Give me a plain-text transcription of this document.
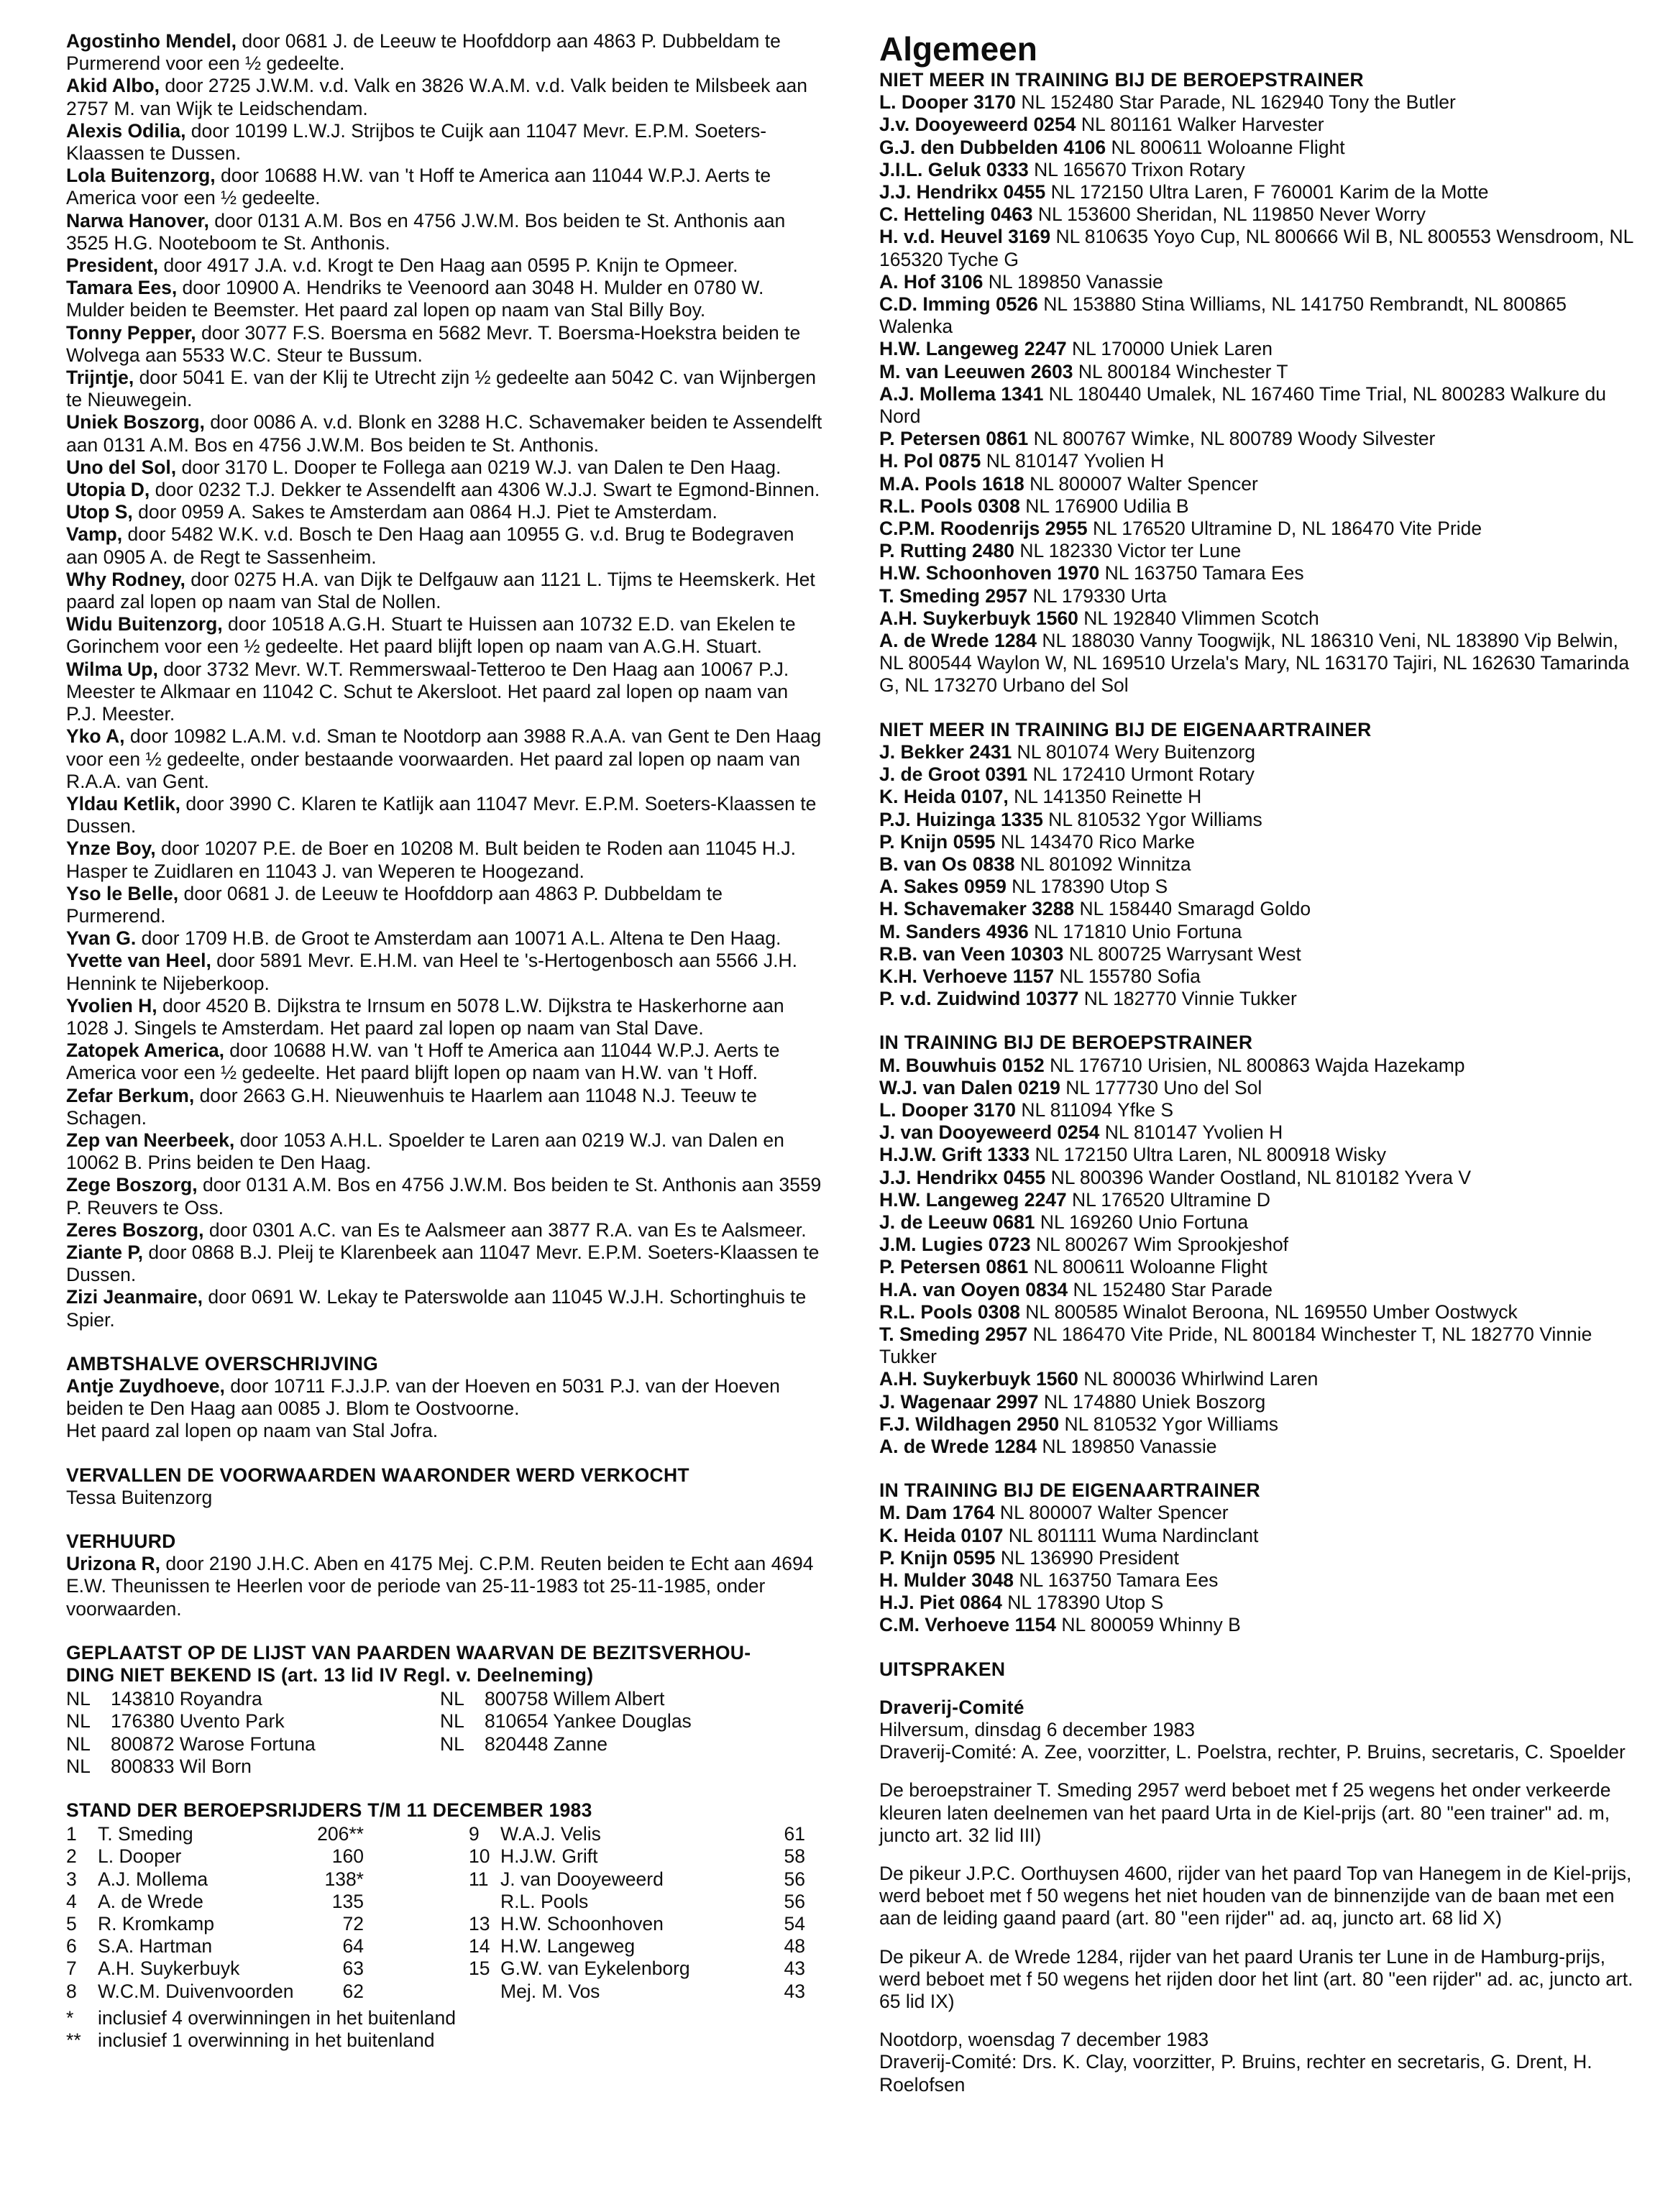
Agostinho Mendel, door 0681 J. de Leeuw te Hoofddorp aan 4863 P. Dubbeldam te Purmerend voor een ½ gedeelte.

Akid Albo, door 2725 J.W.M. v.d. Valk en 3826 W.A.M. v.d. Valk beiden te Milsbeek aan 2757 M. van Wijk te Leidschendam.

Alexis Odilia, door 10199 L.W.J. Strijbos te Cuijk aan 11047 Mevr. E.P.M. Soeters-Klaassen te Dussen.

Lola Buitenzorg, door 10688 H.W. van 't Hoff te America aan 11044 W.P.J. Aerts te America voor een ½ gedeelte.

Narwa Hanover, door 0131 A.M. Bos en 4756 J.W.M. Bos beiden te St. Anthonis aan 3525 H.G. Nooteboom te St. Anthonis.

President, door 4917 J.A. v.d. Krogt te Den Haag aan 0595 P. Knijn te Opmeer.

Tamara Ees, door 10900 A. Hendriks te Veenoord aan 3048 H. Mulder en 0780 W. Mulder beiden te Beemster. Het paard zal lopen op naam van Stal Billy Boy.

Tonny Pepper, door 3077 F.S. Boersma en 5682 Mevr. T. Boersma-Hoekstra beiden te Wolvega aan 5533 W.C. Steur te Bussum.

Trijntje, door 5041 E. van der Klij te Utrecht zijn ½ gedeelte aan 5042 C. van Wijnbergen te Nieuwegein.

Uniek Boszorg, door 0086 A. v.d. Blonk en 3288 H.C. Schavemaker beiden te Assendelft aan 0131 A.M. Bos en 4756 J.W.M. Bos beiden te St. Anthonis.

Uno del Sol, door 3170 L. Dooper te Follega aan 0219 W.J. van Dalen te Den Haag.

Utopia D, door 0232 T.J. Dekker te Assendelft aan 4306 W.J.J. Swart te Egmond-Binnen.

Utop S, door 0959 A. Sakes te Amsterdam aan 0864 H.J. Piet te Amsterdam.

Vamp, door 5482 W.K. v.d. Bosch te Den Haag aan 10955 G. v.d. Brug te Bodegraven aan 0905 A. de Regt te Sassenheim.

Why Rodney, door 0275 H.A. van Dijk te Delfgauw aan 1121 L. Tijms te Heemskerk. Het paard zal lopen op naam van Stal de Nollen.

Widu Buitenzorg, door 10518 A.G.H. Stuart te Huissen aan 10732 E.D. van Ekelen te Gorinchem voor een ½ gedeelte. Het paard blijft lopen op naam van A.G.H. Stuart.

Wilma Up, door 3732 Mevr. W.T. Remmerswaal-Tetteroo te Den Haag aan 10067 P.J. Meester te Alkmaar en 11042 C. Schut te Akersloot. Het paard zal lopen op naam van P.J. Meester.

Yko A, door 10982 L.A.M. v.d. Sman te Nootdorp aan 3988 R.A.A. van Gent te Den Haag voor een ½ gedeelte, onder bestaande voorwaarden. Het paard zal lopen op naam van R.A.A. van Gent.

Yldau Ketlik, door 3990 C. Klaren te Katlijk aan 11047 Mevr. E.P.M. Soeters-Klaassen te Dussen.

Ynze Boy, door 10207 P.E. de Boer en 10208 M. Bult beiden te Roden aan 11045 H.J. Hasper te Zuidlaren en 11043 J. van Weperen te Hoogezand.

Yso le Belle, door 0681 J. de Leeuw te Hoofddorp aan 4863 P. Dubbeldam te Purmerend.

Yvan G. door 1709 H.B. de Groot te Amsterdam aan 10071 A.L. Altena te Den Haag.

Yvette van Heel, door 5891 Mevr. E.H.M. van Heel te 's-Hertogenbosch aan 5566 J.H. Hennink te Nijeberkoop.

Yvolien H, door 4520 B. Dijkstra te Irnsum en 5078 L.W. Dijkstra te Haskerhorne aan 1028 J. Singels te Amsterdam. Het paard zal lopen op naam van Stal Dave.

Zatopek America, door 10688 H.W. van 't Hoff te America aan 11044 W.P.J. Aerts te America voor een ½ gedeelte. Het paard blijft lopen op naam van H.W. van 't Hoff.

Zefar Berkum, door 2663 G.H. Nieuwenhuis te Haarlem aan 11048 N.J. Teeuw te Schagen.

Zep van Neerbeek, door 1053 A.H.L. Spoelder te Laren aan 0219 W.J. van Dalen en 10062 B. Prins beiden te Den Haag.

Zege Boszorg, door 0131 A.M. Bos en 4756 J.W.M. Bos beiden te St. Anthonis aan 3559 P. Reuvers te Oss.

Zeres Boszorg, door 0301 A.C. van Es te Aalsmeer aan 3877 R.A. van Es te Aalsmeer.

Ziante P, door 0868 B.J. Pleij te Klarenbeek aan 11047 Mevr. E.P.M. Soeters-Klaassen te Dussen.

Zizi Jeanmaire, door 0691 W. Lekay te Paterswolde aan 11045 W.J.H. Schortinghuis te Spier.

AMBTSHALVE OVERSCHRIJVING

Antje Zuydhoeve, door 10711 F.J.J.P. van der Hoeven en 5031 P.J. van der Hoeven beiden te Den Haag aan 0085 J. Blom te Oostvoorne.

Het paard zal lopen op naam van Stal Jofra.

VERVALLEN DE VOORWAARDEN WAARONDER WERD VERKOCHT

Tessa Buitenzorg

VERHUURD

Urizona R, door 2190 J.H.C. Aben en 4175 Mej. C.P.M. Reuten beiden te Echt aan 4694 E.W. Theunissen te Heerlen voor de periode van 25-11-1983 tot 25-11-1985, onder voorwaarden.

GEPLAATST OP DE LIJST VAN PAARDEN WAARVAN DE BEZITSVERHOU-

DING NIET BEKEND IS (art. 13 lid IV Regl. v. Deelneming)

NL	143810 Royandra
NL	176380 Uvento Park
NL	800872 Warose Fortuna
NL	800833 Wil Born
NL	800758 Willem Albert
NL	810654 Yankee Douglas
NL	820448 Zanne

STAND DER BEROEPSRIJDERS T/M 11 DECEMBER 1983

1	T. Smeding	206**
2	L. Dooper	160
3	A.J. Mollema	138*
4	A. de Wrede	135
5	R. Kromkamp	72
6	S.A. Hartman	64
7	A.H. Suykerbuyk	63
8	W.C.M. Duivenvoorden	62
9	W.A.J. Velis	61
10 H.J.W. Grift	58
11 J. van Dooyeweerd	56
R.L. Pools	56
13 H.W. Schoonhoven	54
14 H.W. Langeweg	48
15 G.W. van Eykelenborg	43
Mej. M. Vos	43
*	inclusief 4 overwinningen in het buitenland
** inclusief 1 overwinning in het buitenland

Algemeen

NIET MEER IN TRAINING BIJ DE BEROEPSTRAINER

L. Dooper 3170 NL 152480 Star Parade, NL 162940 Tony the Butler

J.v. Dooyeweerd 0254 NL 801161 Walker Harvester

G.J. den Dubbelden 4106 NL 800611 Woloanne Flight

J.I.L. Geluk 0333 NL 165670 Trixon Rotary

J.J. Hendrikx 0455 NL 172150 Ultra Laren, F 760001 Karim de la Motte

C. Hetteling 0463 NL 153600 Sheridan, NL 119850 Never Worry

H. v.d. Heuvel 3169 NL 810635 Yoyo Cup, NL 800666 Wil B, NL 800553 Wensdroom, NL 165320 Tyche G

A. Hof 3106 NL 189850 Vanassie

C.D. Imming 0526 NL 153880 Stina Williams, NL 141750 Rembrandt, NL 800865 Walenka

H.W. Langeweg 2247 NL 170000 Uniek Laren

M. van Leeuwen 2603 NL 800184 Winchester T

A.J. Mollema 1341 NL 180440 Umalek, NL 167460 Time Trial, NL 800283 Walkure du Nord

P. Petersen 0861 NL 800767 Wimke, NL 800789 Woody Silvester

H. Pol 0875 NL 810147 Yvolien H

M.A. Pools 1618 NL 800007 Walter Spencer

R.L. Pools 0308 NL 176900 Udilia B

C.P.M. Roodenrijs 2955 NL 176520 Ultramine D, NL 186470 Vite Pride

P. Rutting 2480 NL 182330 Victor ter Lune

H.W. Schoonhoven 1970 NL 163750 Tamara Ees

T. Smeding 2957 NL 179330 Urta

A.H. Suykerbuyk 1560 NL 192840 Vlimmen Scotch

A. de Wrede 1284 NL 188030 Vanny Toogwijk, NL 186310 Veni, NL 183890 Vip Belwin, NL 800544 Waylon W, NL 169510 Urzela's Mary, NL 163170 Tajiri, NL 162630 Tamarinda G, NL 173270 Urbano del Sol

NIET MEER IN TRAINING BIJ DE EIGENAARTRAINER

J. Bekker 2431 NL 801074 Wery Buitenzorg

J. de Groot 0391 NL 172410 Urmont Rotary

K. Heida 0107, NL 141350 Reinette H

P.J. Huizinga 1335 NL 810532 Ygor Williams

P. Knijn 0595 NL 143470 Rico Marke

B. van Os 0838 NL 801092 Winnitza

A. Sakes 0959 NL 178390 Utop S

H. Schavemaker 3288 NL 158440 Smaragd Goldo

M. Sanders 4936 NL 171810 Unio Fortuna

R.B. van Veen 10303 NL 800725 Warrysant West

K.H. Verhoeve 1157 NL 155780 Sofia

P. v.d. Zuidwind 10377 NL 182770 Vinnie Tukker

IN TRAINING BIJ DE BEROEPSTRAINER

M. Bouwhuis 0152 NL 176710 Urisien, NL 800863 Wajda Hazekamp

W.J. van Dalen 0219 NL 177730 Uno del Sol

L. Dooper 3170 NL 811094 Yfke S

J. van Dooyeweerd 0254 NL 810147 Yvolien H

H.J.W. Grift 1333 NL 172150 Ultra Laren, NL 800918 Wisky

J.J. Hendrikx 0455 NL 800396 Wander Oostland, NL 810182 Yvera V

H.W. Langeweg 2247 NL 176520 Ultramine D

J. de Leeuw 0681 NL 169260 Unio Fortuna

J.M. Lugies 0723 NL 800267 Wim Sprookjeshof

P. Petersen 0861 NL 800611 Woloanne Flight

H.A. van Ooyen 0834 NL 152480 Star Parade

R.L. Pools 0308 NL 800585 Winalot Beroona, NL 169550 Umber Oostwyck

T. Smeding 2957 NL 186470 Vite Pride, NL 800184 Winchester T, NL 182770 Vinnie Tukker

A.H. Suykerbuyk 1560 NL 800036 Whirlwind Laren

J. Wagenaar 2997 NL 174880 Uniek Boszorg

F.J. Wildhagen 2950 NL 810532 Ygor Williams

A. de Wrede 1284 NL 189850 Vanassie

IN TRAINING BIJ DE EIGENAARTRAINER

M. Dam 1764 NL 800007 Walter Spencer

K. Heida 0107 NL 801111 Wuma Nardinclant

P. Knijn 0595 NL 136990 President

H. Mulder 3048 NL 163750 Tamara Ees

H.J. Piet 0864 NL 178390 Utop S

C.M. Verhoeve 1154 NL 800059 Whinny B

UITSPRAKEN

Draverij-Comité

Hilversum, dinsdag 6 december 1983

Draverij-Comité: A. Zee, voorzitter, L. Poelstra, rechter, P. Bruins, secretaris, C. Spoelder

De beroepstrainer T. Smeding 2957 werd beboet met f 25 wegens het onder verkeerde kleuren laten deelnemen van het paard Urta in de Kiel-prijs (art. 80 "een trainer" ad. m, juncto art. 32 lid III)

De pikeur J.P.C. Oorthuysen 4600, rijder van het paard Top van Hanegem in de Kiel-prijs, werd beboet met f 50 wegens het niet houden van de binnenzijde van de baan met een aan de leiding gaand paard (art. 80 "een rijder" ad. aq, juncto art. 68 lid X)

De pikeur A. de Wrede 1284, rijder van het paard Uranis ter Lune in de Hamburg-prijs, werd beboet met f 50 wegens het rijden door het lint (art. 80 "een rijder" ad. ac, juncto art. 65 lid IX)

Nootdorp, woensdag 7 december 1983

Draverij-Comité: Drs. K. Clay, voorzitter, P. Bruins, rechter en secretaris, G. Drent, H. Roelofsen
